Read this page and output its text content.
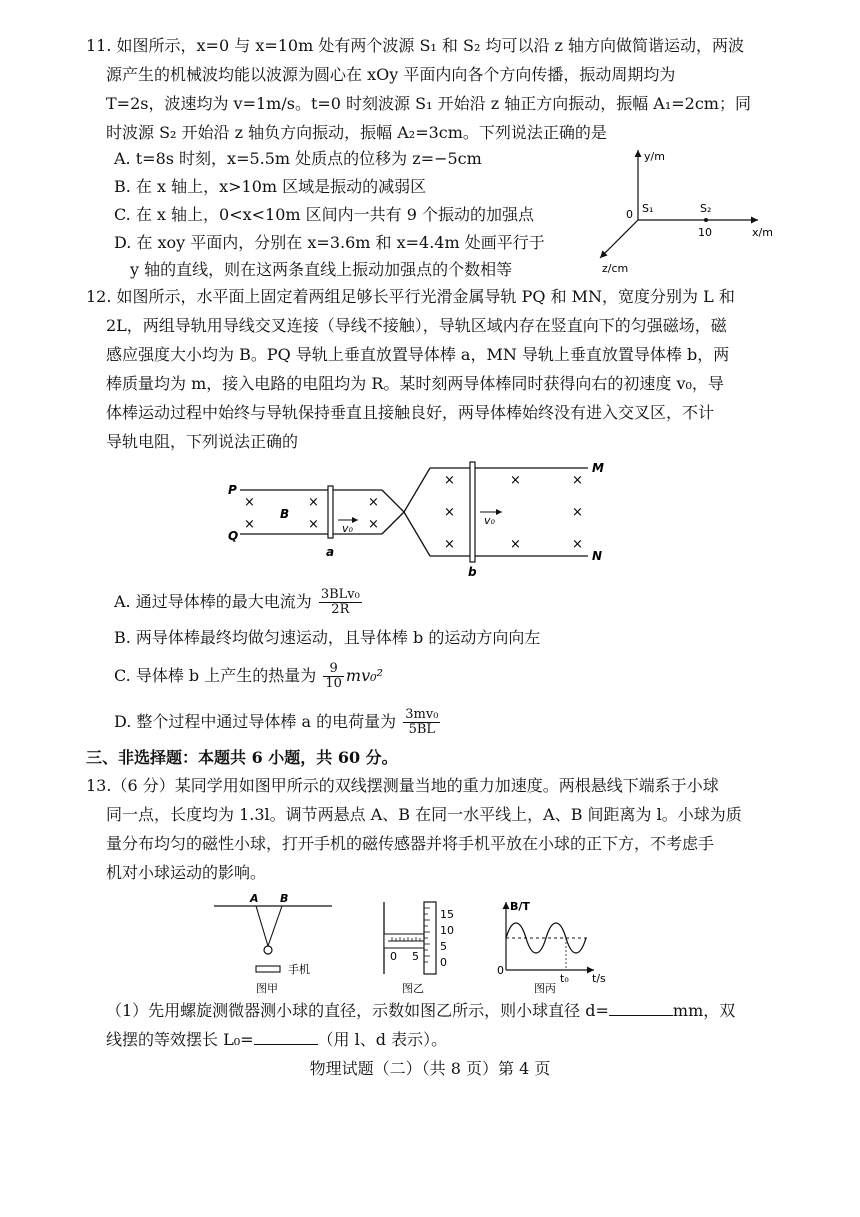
11. 如图所示，x=0 与 x=10m 处有两个波源 S₁ 和 S₂ 均可以沿 z 轴方向做简谐运动，两波
源产生的机械波均能以波源为圆心在 xOy 平面内向各个方向传播，振动周期均为
T=2s，波速均为 v=1m/s。t=0 时刻波源 S₁ 开始沿 z 轴正方向振动，振幅 A₁=2cm；同
时波源 S₂ 开始沿 z 轴负方向振动，振幅 A₂=3cm。下列说法正确的是
A. t=8s 时刻，x=5.5m 处质点的位移为 z=−5cm
B. 在 x 轴上，x>10m 区域是振动的减弱区
C. 在 x 轴上，0<x<10m 区间内一共有 9 个振动的加强点
D. 在 xoy 平面内，分别在 x=3.6m 和 x=4.4m 处画平行于
y 轴的直线，则在这两条直线上振动加强点的个数相等
y/m
x/m
z/cm
0 S₁	S₂
10
12. 如图所示，水平面上固定着两组足够长平行光滑金属导轨 PQ 和 MN，宽度分别为 L 和
2L，两组导轨用导线交叉连接（导线不接触），导轨区域内存在竖直向下的匀强磁场，磁
感应强度大小均为 B。PQ 导轨上垂直放置导体棒 a，MN 导轨上垂直放置导体棒 b，两
棒质量均为 m，接入电路的电阻均为 R。某时刻两导体棒同时获得向右的初速度 v₀，导
体棒运动过程中始终与导轨保持垂直且接触良好，两导体棒始终没有进入交叉区，不计
导轨电阻，下列说法正确的
×	×	×
×	×	×
×
×
×
×
×
×
×
×
P
Q
M
N
B
a
b
v₀
v₀
A. 通过导体棒的最大电流为 $\frac{\text{3BLv₀}}{2R}$
B. 两导体棒最终均做匀速运动，且导体棒 b 的运动方向向左
C. 导体棒 b 上产生的热量为 $\frac{9}{10} mv_0^2$
D. 整个过程中通过导体棒 a 的电荷量为 $\frac{\text{3mv₀}}{5BL}$
三、非选择题：本题共 6 小题，共 60 分。
13.（6 分）某同学用如图甲所示的双线摆测量当地的重力加速度。两根悬线下端系于小球
同一点，长度均为 1.3l。调节两悬点 A、B 在同一水平线上，A、B 间距离为 l。小球为质
量分布均匀的磁性小球，打开手机的磁传感器并将手机平放在小球的正下方，不考虑手
机对小球运动的影响。
A B
手机
图甲
15
10
5
0
0 5
图乙
B/T
0
t₀ t/s
图丙
（1）先用螺旋测微器测小球的直径，示数如图乙所示，则小球直径 d=	mm，双
线摆的等效摆长 L₀=	（用 l、d 表示）。
物理试题（二）（共 8 页）第 4 页
